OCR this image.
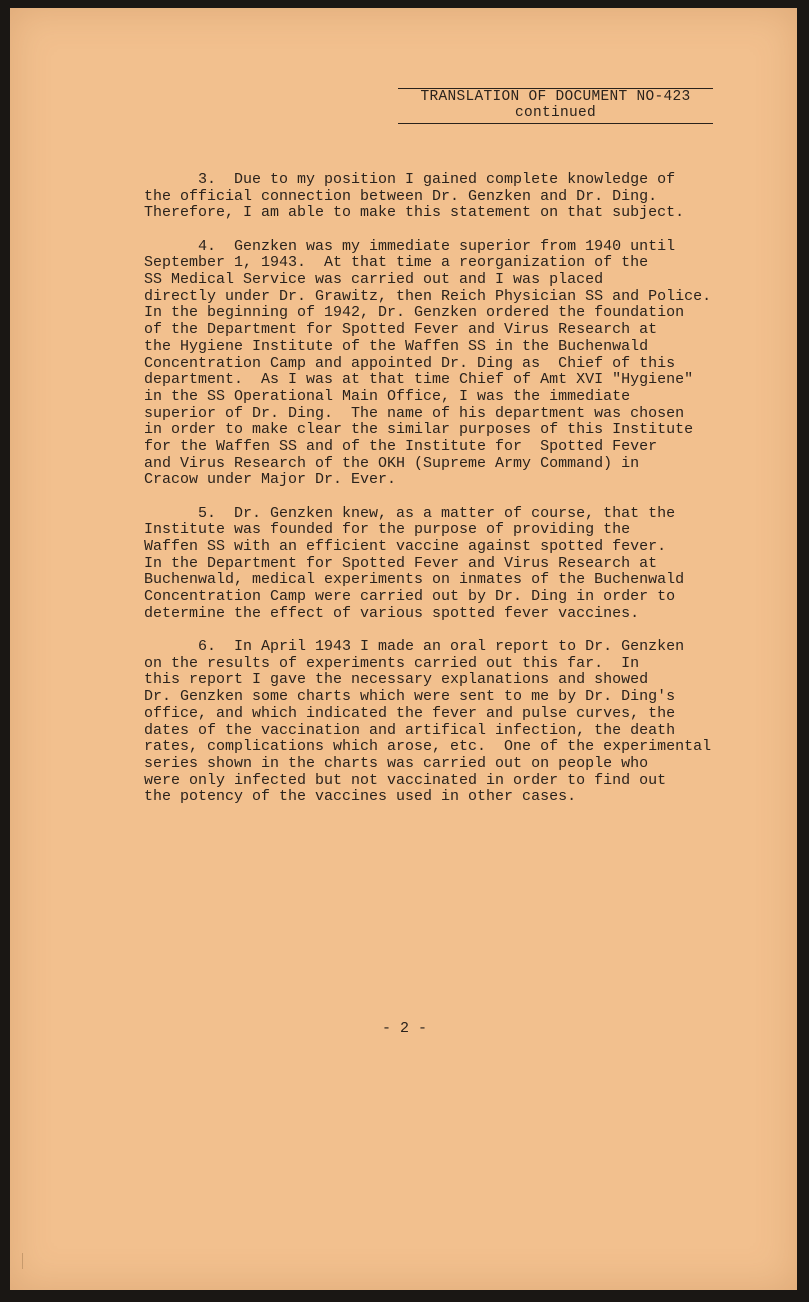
TRANSLATION OF DOCUMENT NO-423
continued
3.  Due to my position I gained complete knowledge of
the official connection between Dr. Genzken and Dr. Ding.
Therefore, I am able to make this statement on that subject.
4.  Genzken was my immediate superior from 1940 until
September 1, 1943.  At that time a reorganization of the
SS Medical Service was carried out and I was placed
directly under Dr. Grawitz, then Reich Physician SS and Police.
In the beginning of 1942, Dr. Genzken ordered the foundation
of the Department for Spotted Fever and Virus Research at
the Hygiene Institute of the Waffen SS in the Buchenwald
Concentration Camp and appointed Dr. Ding as  Chief of this
department.  As I was at that time Chief of Amt XVI "Hygiene"
in the SS Operational Main Office, I was the immediate
superior of Dr. Ding.  The name of his department was chosen
in order to make clear the similar purposes of this Institute
for the Waffen SS and of the Institute for  Spotted Fever
and Virus Research of the OKH (Supreme Army Command) in
Cracow under Major Dr. Ever.
5.  Dr. Genzken knew, as a matter of course, that the
Institute was founded for the purpose of providing the
Waffen SS with an efficient vaccine against spotted fever.
In the Department for Spotted Fever and Virus Research at
Buchenwald, medical experiments on inmates of the Buchenwald
Concentration Camp were carried out by Dr. Ding in order to
determine the effect of various spotted fever vaccines.
6.  In April 1943 I made an oral report to Dr. Genzken
on the results of experiments carried out this far.  In
this report I gave the necessary explanations and showed
Dr. Genzken some charts which were sent to me by Dr. Ding's
office, and which indicated the fever and pulse curves, the
dates of the vaccination and artifical infection, the death
rates, complications which arose, etc.  One of the experimental
series shown in the charts was carried out on people who
were only infected but not vaccinated in order to find out
the potency of the vaccines used in other cases.
- 2 -
